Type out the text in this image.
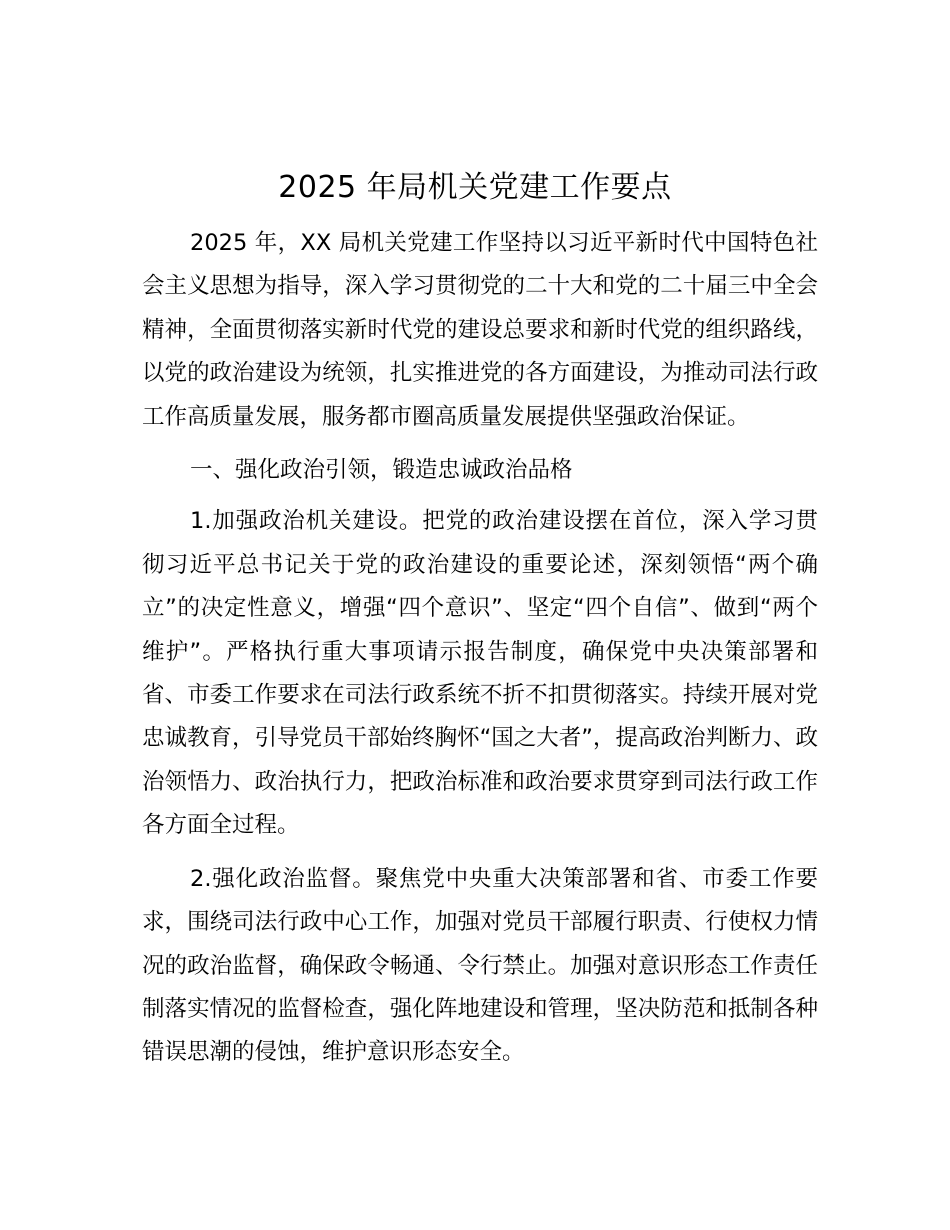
2025 年局机关党建工作要点

2025 年，XX 局机关党建工作坚持以习近平新时代中国特色社会主义思想为指导，深入学习贯彻党的二十大和党的二十届三中全会精神，全面贯彻落实新时代党的建设总要求和新时代党的组织路线，以党的政治建设为统领，扎实推进党的各方面建设，为推动司法行政工作高质量发展，服务都市圈高质量发展提供坚强政治保证。

一、强化政治引领，锻造忠诚政治品格

1.加强政治机关建设。把党的政治建设摆在首位，深入学习贯彻习近平总书记关于党的政治建设的重要论述，深刻领悟“两个确立”的决定性意义，增强“四个意识”、坚定“四个自信”、做到“两个维护”。严格执行重大事项请示报告制度，确保党中央决策部署和省、市委工作要求在司法行政系统不折不扣贯彻落实。持续开展对党忠诚教育，引导党员干部始终胸怀“国之大者”，提高政治判断力、政治领悟力、政治执行力，把政治标准和政治要求贯穿到司法行政工作各方面全过程。

2.强化政治监督。聚焦党中央重大决策部署和省、市委工作要求，围绕司法行政中心工作，加强对党员干部履行职责、行使权力情况的政治监督，确保政令畅通、令行禁止。加强对意识形态工作责任制落实情况的监督检查，强化阵地建设和管理，坚决防范和抵制各种错误思潮的侵蚀，维护意识形态安全。
